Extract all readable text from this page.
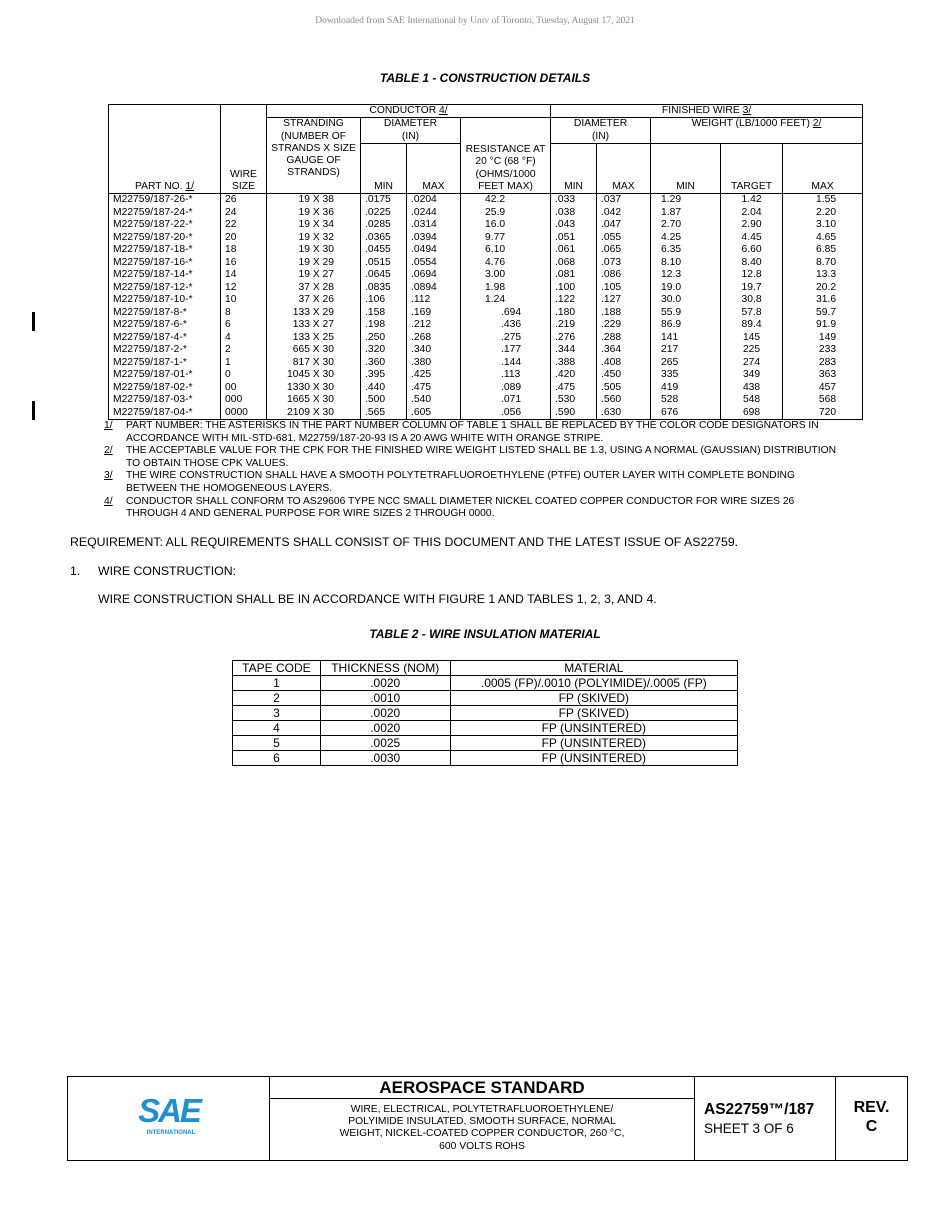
Downloaded from SAE International by Univ of Toronto, Tuesday, August 17, 2021
TABLE 1 - CONSTRUCTION DETAILS
PART NO. 1/	WIRE SIZE	CONDUCTOR 4/				FINISHED WIRE 3/				
		STRANDING (NUMBER OF STRANDS X SIZE GAUGE OF STRANDS)	DIAMETER (IN)		RESISTANCE AT 20 °C (68 °F) (OHMS/1000 FEET MAX)	DIAMETER (IN)		WEIGHT (LB/1000 FEET) 2/		
			MIN	MAX		MIN	MAX	MIN	TARGET	MAX
M22759/187-26-*	26	19 X 38	.0175	.0204	42.2	.033	.037	1.29	1.42	1.55
M22759/187-24-*	24	19 X 36	.0225	.0244	25.9	.038	.042	1.87	2.04	2.20
M22759/187-22-*	22	19 X 34	.0285	.0314	16.0	.043	.047	2.70	2.90	3.10
M22759/187-20-*	20	19 X 32	.0365	.0394	9.77	.051	.055	4.25	4.45	4.65
M22759/187-18-*	18	19 X 30	.0455	.0494	6.10	.061	.065	6.35	6.60	6.85
M22759/187-16-*	16	19 X 29	.0515	.0554	4.76	.068	.073	8.10	8.40	8.70
M22759/187-14-*	14	19 X 27	.0645	.0694	3.00	.081	.086	12.3	12.8	13.3
M22759/187-12-*	12	37 X 28	.0835	.0894	1.98	.100	.105	19.0	19.7	20.2
M22759/187-10-*	10	37 X 26	.106	.112	1.24	.122	.127	30.0	30.8	31.6
M22759/187-8-*	8	133 X 29	.158	.169	.694	.180	.188	55.9	57.8	59.7
M22759/187-6-*	6	133 X 27	.198	.212	.436	.219	.229	86.9	89.4	91.9
M22759/187-4-*	4	133 X 25	.250	.268	.275	.276	.288	141	145	149
M22759/187-2-*	2	665 X 30	.320	.340	.177	.344	.364	217	225	233
M22759/187-1-*	1	817 X 30	.360	.380	.144	.388	.408	265	274	283
M22759/187-01-*	0	1045 X 30	.395	.425	.113	.420	.450	335	349	363
M22759/187-02-*	00	1330 X 30	.440	.475	.089	.475	.505	419	438	457
M22759/187-03-*	000	1665 X 30	.500	.540	.071	.530	.560	528	548	568
M22759/187-04-*	0000	2109 X 30	.565	.605	.056	.590	.630	676	698	720
1/	PART NUMBER: THE ASTERISKS IN THE PART NUMBER COLUMN OF TABLE 1 SHALL BE REPLACED BY THE COLOR CODE DESIGNATORS IN ACCORDANCE WITH MIL-STD-681. M22759/187-20-93 IS A 20 AWG WHITE WITH ORANGE STRIPE.
2/	THE ACCEPTABLE VALUE FOR THE CPK FOR THE FINISHED WIRE WEIGHT LISTED SHALL BE 1.3, USING A NORMAL (GAUSSIAN) DISTRIBUTION TO OBTAIN THOSE CPK VALUES.
3/	THE WIRE CONSTRUCTION SHALL HAVE A SMOOTH POLYTETRAFLUOROETHYLENE (PTFE) OUTER LAYER WITH COMPLETE BONDING BETWEEN THE HOMOGENEOUS LAYERS.
4/	CONDUCTOR SHALL CONFORM TO AS29606 TYPE NCC SMALL DIAMETER NICKEL COATED COPPER CONDUCTOR FOR WIRE SIZES 26 THROUGH 4 AND GENERAL PURPOSE FOR WIRE SIZES 2 THROUGH 0000.
REQUIREMENT: ALL REQUIREMENTS SHALL CONSIST OF THIS DOCUMENT AND THE LATEST ISSUE OF AS22759.
1. WIRE CONSTRUCTION:
WIRE CONSTRUCTION SHALL BE IN ACCORDANCE WITH FIGURE 1 AND TABLES 1, 2, 3, AND 4.
TABLE 2 - WIRE INSULATION MATERIAL
TAPE CODE	THICKNESS (NOM)	MATERIAL
1	.0020	.0005 (FP)/.0010 (POLYIMIDE)/.0005 (FP)
2	.0010	FP (SKIVED)
3	.0020	FP (SKIVED)
4	.0020	FP (UNSINTERED)
5	.0025	FP (UNSINTERED)
6	.0030	FP (UNSINTERED)
SAE
INTERNATIONAL
AEROSPACE STANDARD
WIRE, ELECTRICAL, POLYTETRAFLUOROETHYLENE/
POLYIMIDE INSULATED, SMOOTH SURFACE, NORMAL
WEIGHT, NICKEL-COATED COPPER CONDUCTOR, 260 °C,
600 VOLTS ROHS
AS22759™/187
SHEET 3 OF 6
REV.
C
